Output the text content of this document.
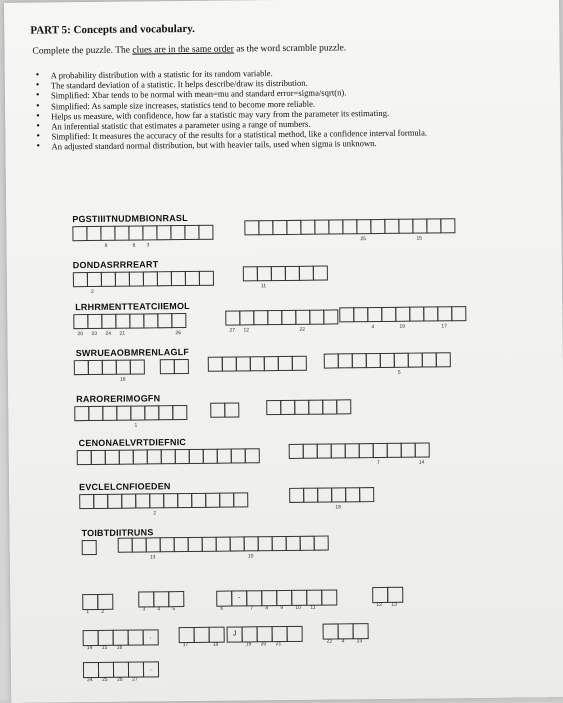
PART 5: Concepts and vocabulary.
Complete the puzzle. The clues are in the same order as the word scramble puzzle.
• A probability distribution with a statistic for its random variable.
• The standard deviation of a statistic. It helps describe/draw its distribution.
• Simplified: Xbar tends to be normal with mean=mu and standard error=sigma/sqrt(n).
• Simplified: As sample size increases, statistics tend to become more reliable.
• Helps us measure, with confidence, how far a statistic may vary from the parameter its estimating.
• An inferential statistic that estimates a parameter using a range of numbers.
• Simplified: It measures the accuracy of the results for a statistical method, like a confidence interval formula.
• An adjusted standard normal distribution, but with heavier tails, used when sigma is unknown.
PGSTIIITNUDMBIONRASL
8	6 3
25	15
DONDASRRREART
2
11
LRHRMENTTEATCIIEMOL
20 23 24 21	26	27 12	22	4	19	17
SWRUEAOBMRENLAGLF
16
5
RARORERIMOGFN
1
CENONAELVRTDIEFNIC
7	14
EVCLELCNFIOEDEN
2
18
TOIBTDIITRUNS
13	10
1 2	3 4 5	6
-
7 8 9 10 11	12 13
14 15 16
.
17	18
J
19 20 21	22 4 23
24 25 26 27
.
